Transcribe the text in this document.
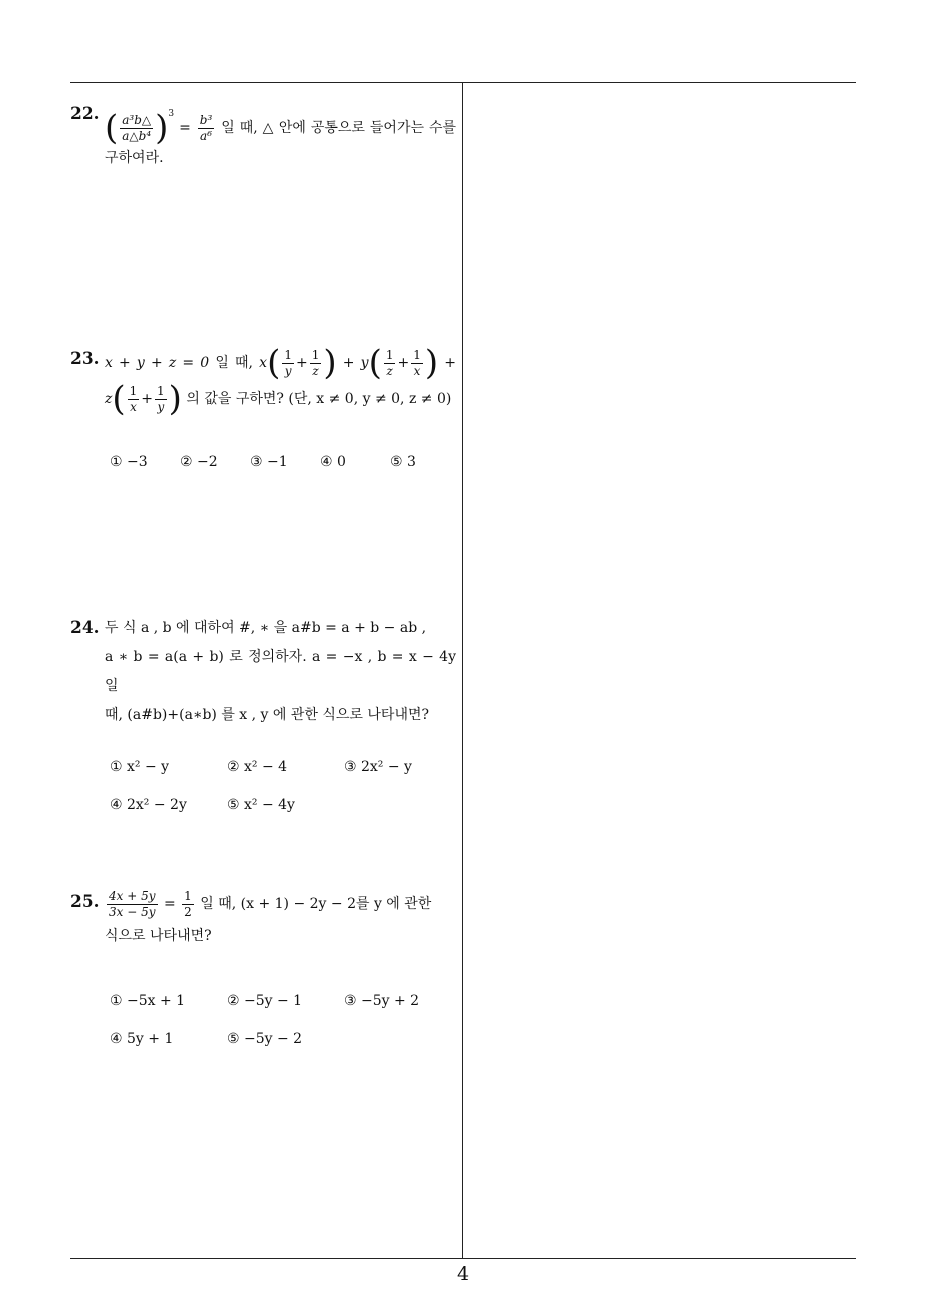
22. ( $\frac{\text{a³b△}}{\text{a△b⁴}} )^3 = \frac{\text{b³}}{\text{a⁶}}$ 일 때, △ 안에 공통으로 들어가는 수를 구하여라.
23. x + y + z = 0 일 때, $x( \frac{1}{y} + \frac{1}{z}$ ) + $y( \frac{1}{z} + \frac{1}{x}$ ) + $z( \frac{1}{x} + \frac{1}{y}$ ) 의 값을 구하면? (단, x ≠ 0, y ≠ 0, z ≠ 0)
① −3	② −2	③ −1	④ 0	⑤ 3
24. 두 식 a , b 에 대하여 #, ∗ 을 a#b = a + b − ab ,
a ∗ b = a(a + b) 로 정의하자. a = −x , b = x − 4y 일
때, (a#b)+(a∗b) 를 x , y 에 관한 식으로 나타내면?
① x² − y	② x² − 4	③ 2x² − y
④ 2x² − 2y	⑤ x² − 4y
25. $\frac{4x + 5y}{3x - 5y} = \frac{1}{2}$ 일 때, (x + 1) − 2y − 2를 y 에 관한
식으로 나타내면?
① −5x + 1	② −5y − 1	③ −5y + 2
④ 5y + 1	⑤ −5y − 2
4
